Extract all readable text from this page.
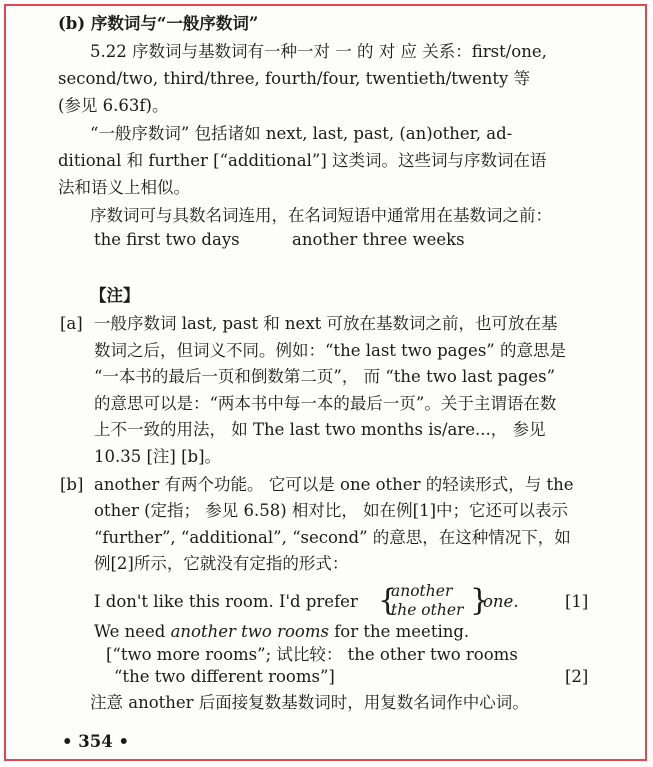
(b) 序数词与“一般序数词”
5.22 序数词与基数词有一种一对 一 的 对 应 关系：first/one,
second/two, third/three, fourth/four, twentieth/twenty 等
(参见 6.63f)。
“一般序数词” 包括诸如 next, last, past, (an)other, ad-
ditional 和 further [“additional”] 这类词。这些词与序数词在语
法和语义上相似。
序数词可与具数名词连用，在名词短语中通常用在基数词之前：
the first two days	another three weeks
【注】
[a] 一般序数词 last, past 和 next 可放在基数词之前，也可放在基
数词之后，但词义不同。例如：“the last two pages” 的意思是
“一本书的最后一页和倒数第二页”， 而 “the two last pages”
的意思可以是：“两本书中每一本的最后一页”。关于主谓语在数
上不一致的用法， 如 The last two months is/are...， 参见
10.35 [注] [b]。
[b] another 有两个功能。 它可以是 one other 的轻读形式，与 the
other (定指； 参见 6.58) 相对比， 如在例[1]中；它还可以表示
“further”, “additional”, “second” 的意思，在这种情况下，如
例[2]所示，它就没有定指的形式：
I don't like this room. I'd prefer {
another
the other }
one.	[1]
We need another two rooms for the meeting.
[“two more rooms”; 试比较： the other two rooms
“the two different rooms”]	[2]
注意 another 后面接复数基数词时，用复数名词作中心词。
• 354 •
